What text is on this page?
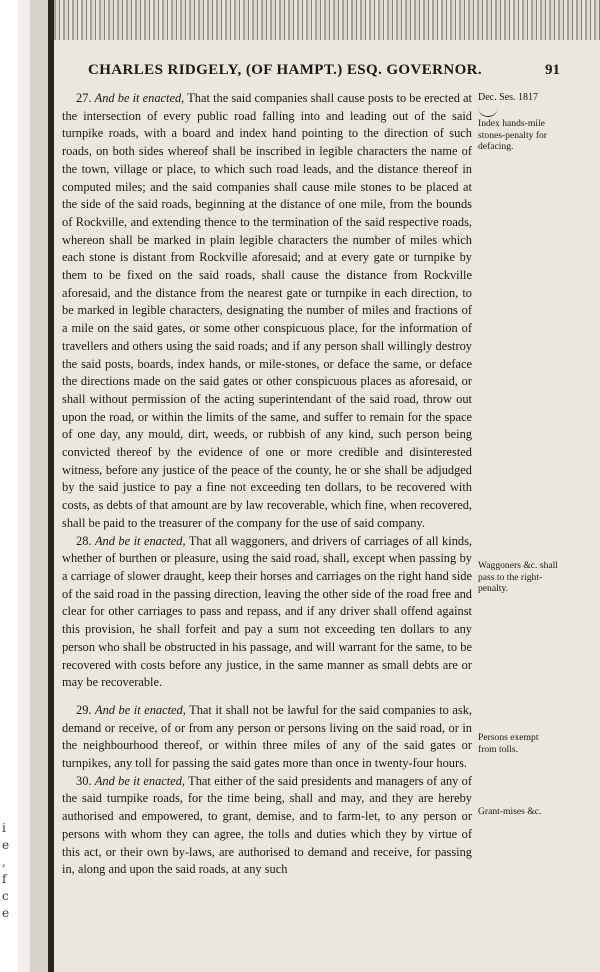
i
e
,
f
c
e
CHARLES RIDGELY, (OF HAMPT.) ESQ. GOVERNOR.	91

27. And be it enacted, That the said companies shall cause posts to be erected at the intersection of every public road falling into and leading out of the said turnpike roads, with a board and index hand pointing to the direction of such roads, on both sides whereof shall be inscribed in legible characters the name of the town, village or place, to which such road leads, and the distance thereof in computed miles; and the said companies shall cause mile stones to be placed at the side of the said roads, beginning at the distance of one mile, from the bounds of Rockville, and extending thence to the termination of the said respective roads, whereon shall be marked in plain legible characters the number of miles which each stone is distant from Rockville aforesaid; and at every gate or turnpike by them to be fixed on the said roads, shall cause the distance from Rockville aforesaid, and the distance from the nearest gate or turnpike in each direction, to be marked in legible characters, designating the number of miles and fractions of a mile on the said gates, or some other conspicuous place, for the information of travellers and others using the said roads; and if any person shall willingly destroy the said posts, boards, index hands, or mile-stones, or deface the same, or deface the directions made on the said gates or other conspicuous places as aforesaid, or shall without permission of the acting superintendant of the said road, throw out upon the road, or within the limits of the same, and suffer to remain for the space of one day, any mould, dirt, weeds, or rubbish of any kind, such person being convicted thereof by the evidence of one or more credible and disinterested witness, before any justice of the peace of the county, he or she shall be adjudged by the said justice to pay a fine not exceeding ten dollars, to be recovered with costs, as debts of that amount are by law recoverable, which fine, when recovered, shall be paid to the treasurer of the company for the use of said company.

28. And be it enacted, That all waggoners, and drivers of carriages of all kinds, whether of burthen or pleasure, using the said road, shall, except when passing by a carriage of slower draught, keep their horses and carriages on the right hand side of the said road in the passing direction, leaving the other side of the road free and clear for other carriages to pass and repass, and if any driver shall offend against this provision, he shall forfeit and pay a sum not exceeding ten dollars to any person who shall be obstructed in his passage, and will warrant for the same, to be recovered with costs before any justice, in the same manner as small debts are or may be recoverable.

29. And be it enacted, That it shall not be lawful for the said companies to ask, demand or receive, of or from any person or persons living on the said road, or in the neighbourhood thereof, or within three miles of any of the said gates or turnpikes, any toll for passing the said gates more than once in twenty-four hours.

30. And be it enacted, That either of the said presidents and managers of any of the said turnpike roads, for the time being, shall and may, and they are hereby authorised and empowered, to grant, demise, and to farm-let, to any person or persons with whom they can agree, the tolls and duties which they by virtue of this act, or their own by-laws, are authorised to demand and receive, for passing in, along and upon the said roads, at any such

Dec. Ses. 1817
Index hands-mile stones-penalty for defacing.
Waggoners &c. shall pass to the right-penalty.
Persons exempt from tolls.
Grant-mises &c.
